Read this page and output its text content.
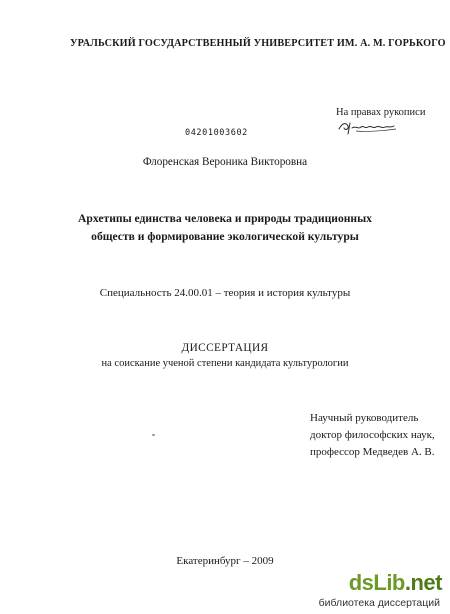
УРАЛЬСКИЙ ГОСУДАРСТВЕННЫЙ УНИВЕРСИТЕТ ИМ. А. М. ГОРЬКОГО
На правах рукописи
04201003602
Флоренская Вероника Викторовна
Архетипы единства человека и природы традиционных
обществ и формирование экологической культуры
Специальность 24.00.01 – теория и история культуры
ДИССЕРТАЦИЯ
на соискание ученой степени кандидата культурологии
Научный руководитель
доктор философских наук,
профессор Медведев А. В.
Екатеринбург – 2009
dsLib.net
библиотека диссертаций
